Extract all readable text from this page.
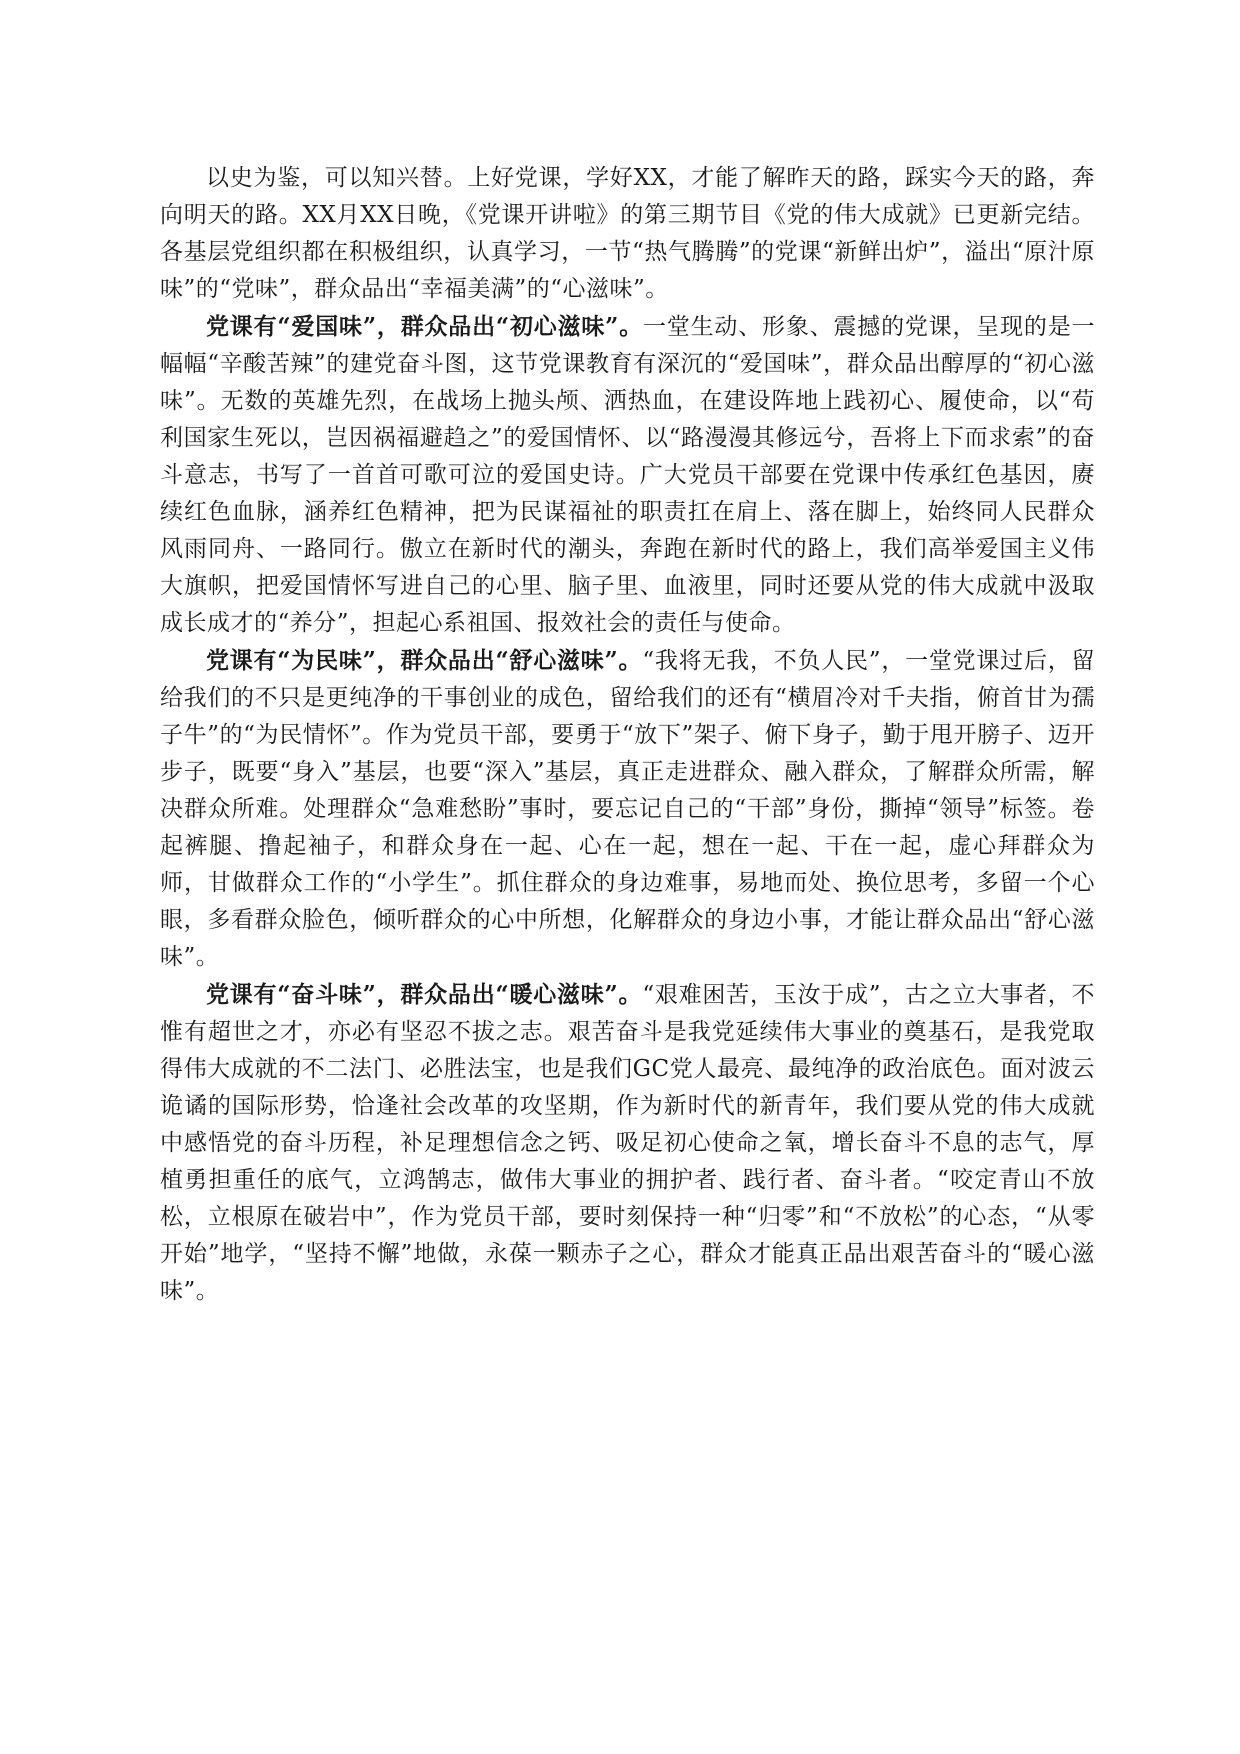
以史为鉴，可以知兴替。上好党课，学好XX，才能了解昨天的路，踩实今天的路，奔向明天的路。XX月XX日晚，《党课开讲啦》的第三期节目《党的伟大成就》已更新完结。各基层党组织都在积极组织，认真学习，一节“热气腾腾”的党课“新鲜出炉”，溢出“原汁原味”的“党味”，群众品出“幸福美满”的“心滋味”。

党课有“爱国味”，群众品出“初心滋味”。一堂生动、形象、震撼的党课，呈现的是一幅幅“辛酸苦辣”的建党奋斗图，这节党课教育有深沉的“爱国味”，群众品出醇厚的“初心滋味”。无数的英雄先烈，在战场上抛头颅、洒热血，在建设阵地上践初心、履使命，以“苟利国家生死以，岂因祸福避趋之”的爱国情怀、以“路漫漫其修远兮，吾将上下而求索”的奋斗意志，书写了一首首可歌可泣的爱国史诗。广大党员干部要在党课中传承红色基因，赓续红色血脉，涵养红色精神，把为民谋福祉的职责扛在肩上、落在脚上，始终同人民群众风雨同舟、一路同行。傲立在新时代的潮头，奔跑在新时代的路上，我们高举爱国主义伟大旗帜，把爱国情怀写进自己的心里、脑子里、血液里，同时还要从党的伟大成就中汲取成长成才的“养分”，担起心系祖国、报效社会的责任与使命。

党课有“为民味”，群众品出“舒心滋味”。“我将无我，不负人民”，一堂党课过后，留给我们的不只是更纯净的干事创业的成色，留给我们的还有“横眉冷对千夫指，俯首甘为孺子牛”的“为民情怀”。作为党员干部，要勇于“放下”架子、俯下身子，勤于甩开膀子、迈开步子，既要“身入”基层，也要“深入”基层，真正走进群众、融入群众，了解群众所需，解决群众所难。处理群众“急难愁盼”事时，要忘记自己的“干部”身份，撕掉“领导”标签。卷起裤腿、撸起袖子，和群众身在一起、心在一起，想在一起、干在一起，虚心拜群众为师，甘做群众工作的“小学生”。抓住群众的身边难事，易地而处、换位思考，多留一个心眼，多看群众脸色，倾听群众的心中所想，化解群众的身边小事，才能让群众品出“舒心滋味”。

党课有“奋斗味”，群众品出“暖心滋味”。“艰难困苦，玉汝于成”，古之立大事者，不惟有超世之才，亦必有坚忍不拔之志。艰苦奋斗是我党延续伟大事业的奠基石，是我党取得伟大成就的不二法门、必胜法宝，也是我们GC党人最亮、最纯净的政治底色。面对波云诡谲的国际形势，恰逢社会改革的攻坚期，作为新时代的新青年，我们要从党的伟大成就中感悟党的奋斗历程，补足理想信念之钙、吸足初心使命之氧，增长奋斗不息的志气，厚植勇担重任的底气，立鸿鹄志，做伟大事业的拥护者、践行者、奋斗者。“咬定青山不放松，立根原在破岩中”，作为党员干部，要时刻保持一种“归零”和“不放松”的心态，“从零开始”地学，“坚持不懈”地做，永葆一颗赤子之心，群众才能真正品出艰苦奋斗的“暖心滋味”。
